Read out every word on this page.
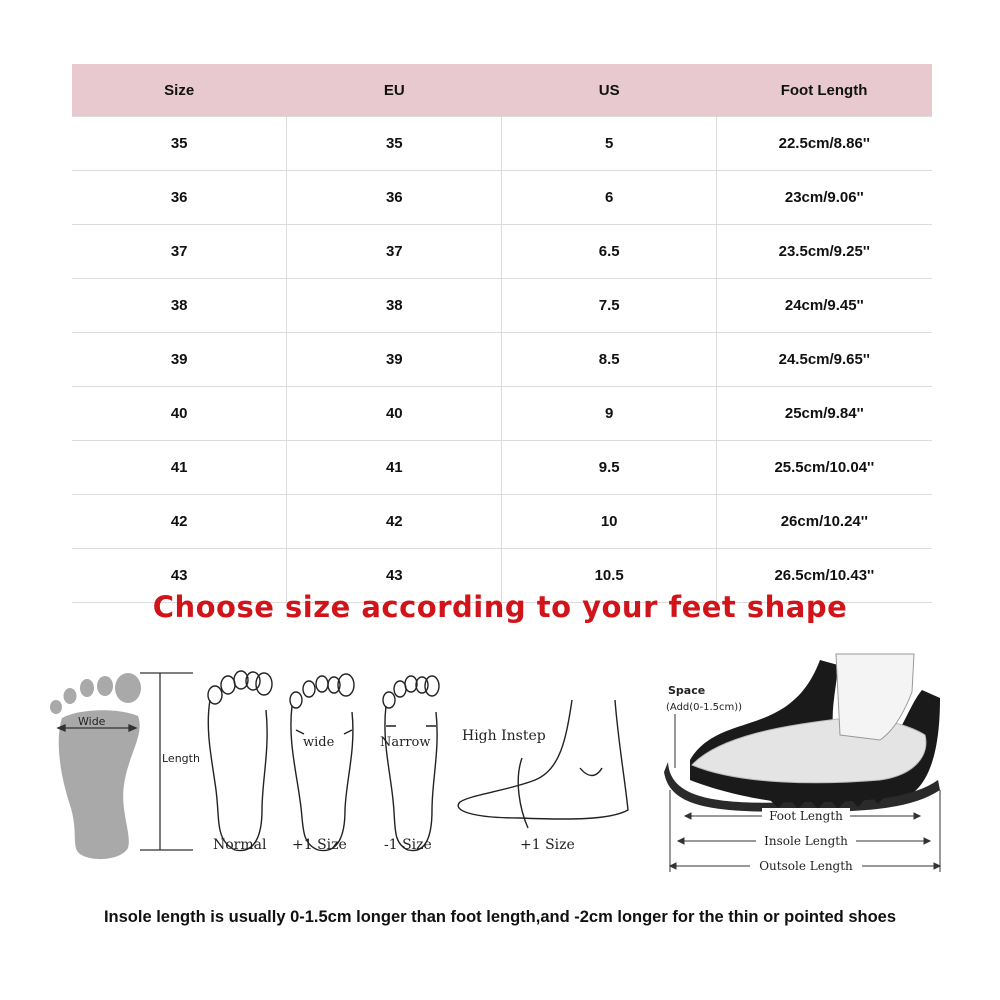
Size	EU	US	Foot Length
35	35	5	22.5cm/8.86''
36	36	6	23cm/9.06''
37	37	6.5	23.5cm/9.25''
38	38	7.5	24cm/9.45''
39	39	8.5	24.5cm/9.65''
40	40	9	25cm/9.84''
41	41	9.5	25.5cm/10.04''
42	42	10	26cm/10.24''
43	43	10.5	26.5cm/10.43''
Choose size according to your feet shape
Wide
Length
Normal
wide
+1 Size
Narrow
-1 Size
High Instep
+1 Size
Space
(Add(0-1.5cm))
Foot Length
Insole Length
Outsole Length
Insole length is usually 0-1.5cm longer than foot length,and -2cm longer for the thin or pointed shoes
